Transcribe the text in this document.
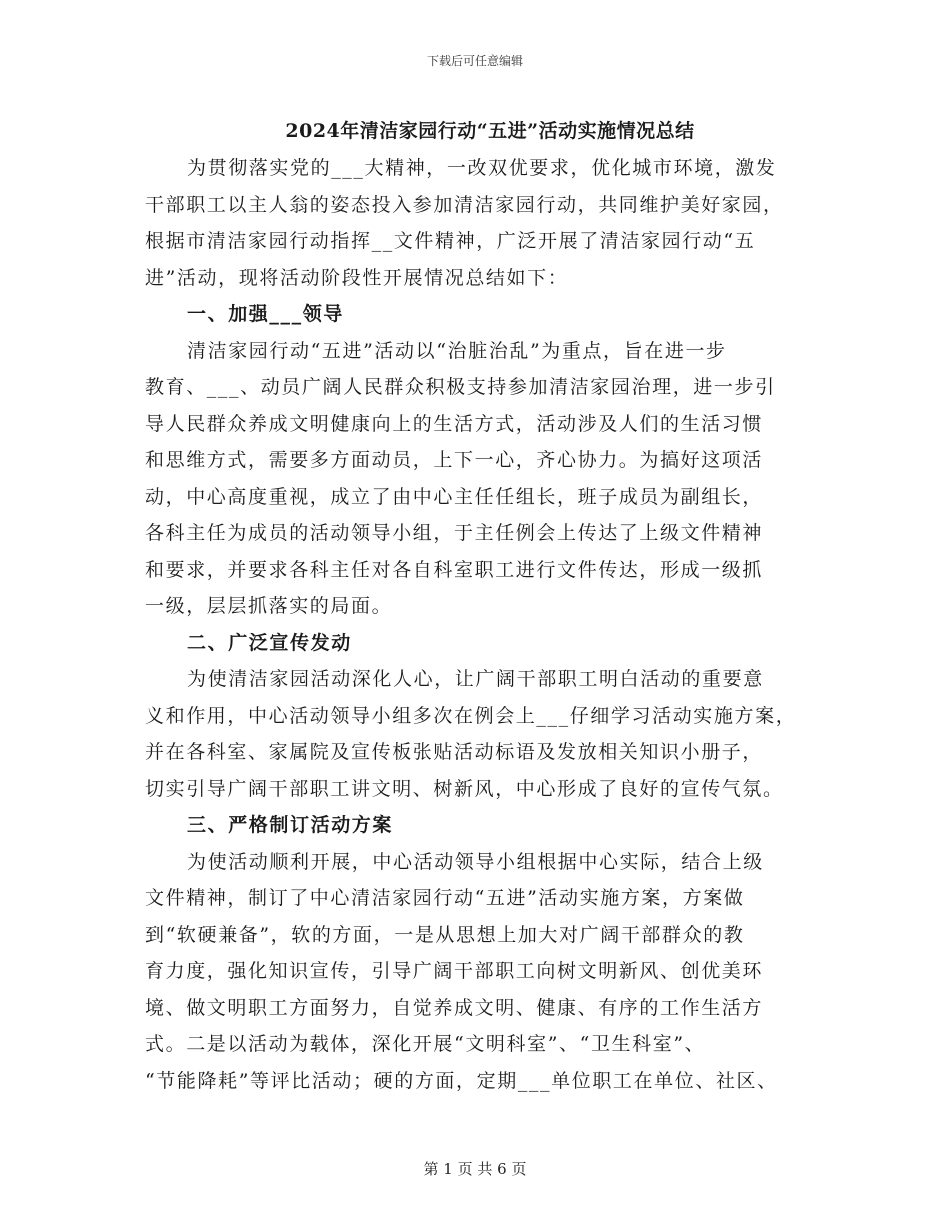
下载后可任意编辑
2024年清洁家园行动“五进”活动实施情况总结
为贯彻落实党的___大精神，一改双优要求，优化城市环境，激发
干部职工以主人翁的姿态投入参加清洁家园行动，共同维护美好家园，
根据市清洁家园行动指挥__文件精神，广泛开展了清洁家园行动“五
进”活动，现将活动阶段性开展情况总结如下：
一、加强___领导
清洁家园行动“五进”活动以“治脏治乱”为重点，旨在进一步
教育、___、动员广阔人民群众积极支持参加清洁家园治理，进一步引
导人民群众养成文明健康向上的生活方式，活动涉及人们的生活习惯
和思维方式，需要多方面动员，上下一心，齐心协力。为搞好这项活
动，中心高度重视，成立了由中心主任任组长，班子成员为副组长，
各科主任为成员的活动领导小组，于主任例会上传达了上级文件精神
和要求，并要求各科主任对各自科室职工进行文件传达，形成一级抓
一级，层层抓落实的局面。
二、广泛宣传发动
为使清洁家园活动深化人心，让广阔干部职工明白活动的重要意
义和作用，中心活动领导小组多次在例会上___仔细学习活动实施方案，
并在各科室、家属院及宣传板张贴活动标语及发放相关知识小册子，
切实引导广阔干部职工讲文明、树新风，中心形成了良好的宣传气氛。
三、严格制订活动方案
为使活动顺利开展，中心活动领导小组根据中心实际，结合上级
文件精神，制订了中心清洁家园行动“五进”活动实施方案，方案做
到“软硬兼备”，软的方面，一是从思想上加大对广阔干部群众的教
育力度，强化知识宣传，引导广阔干部职工向树文明新风、创优美环
境、做文明职工方面努力，自觉养成文明、健康、有序的工作生活方
式。二是以活动为载体，深化开展“文明科室”、“卫生科室”、
“节能降耗”等评比活动；硬的方面，定期___单位职工在单位、社区、
第 1 页 共 6 页
